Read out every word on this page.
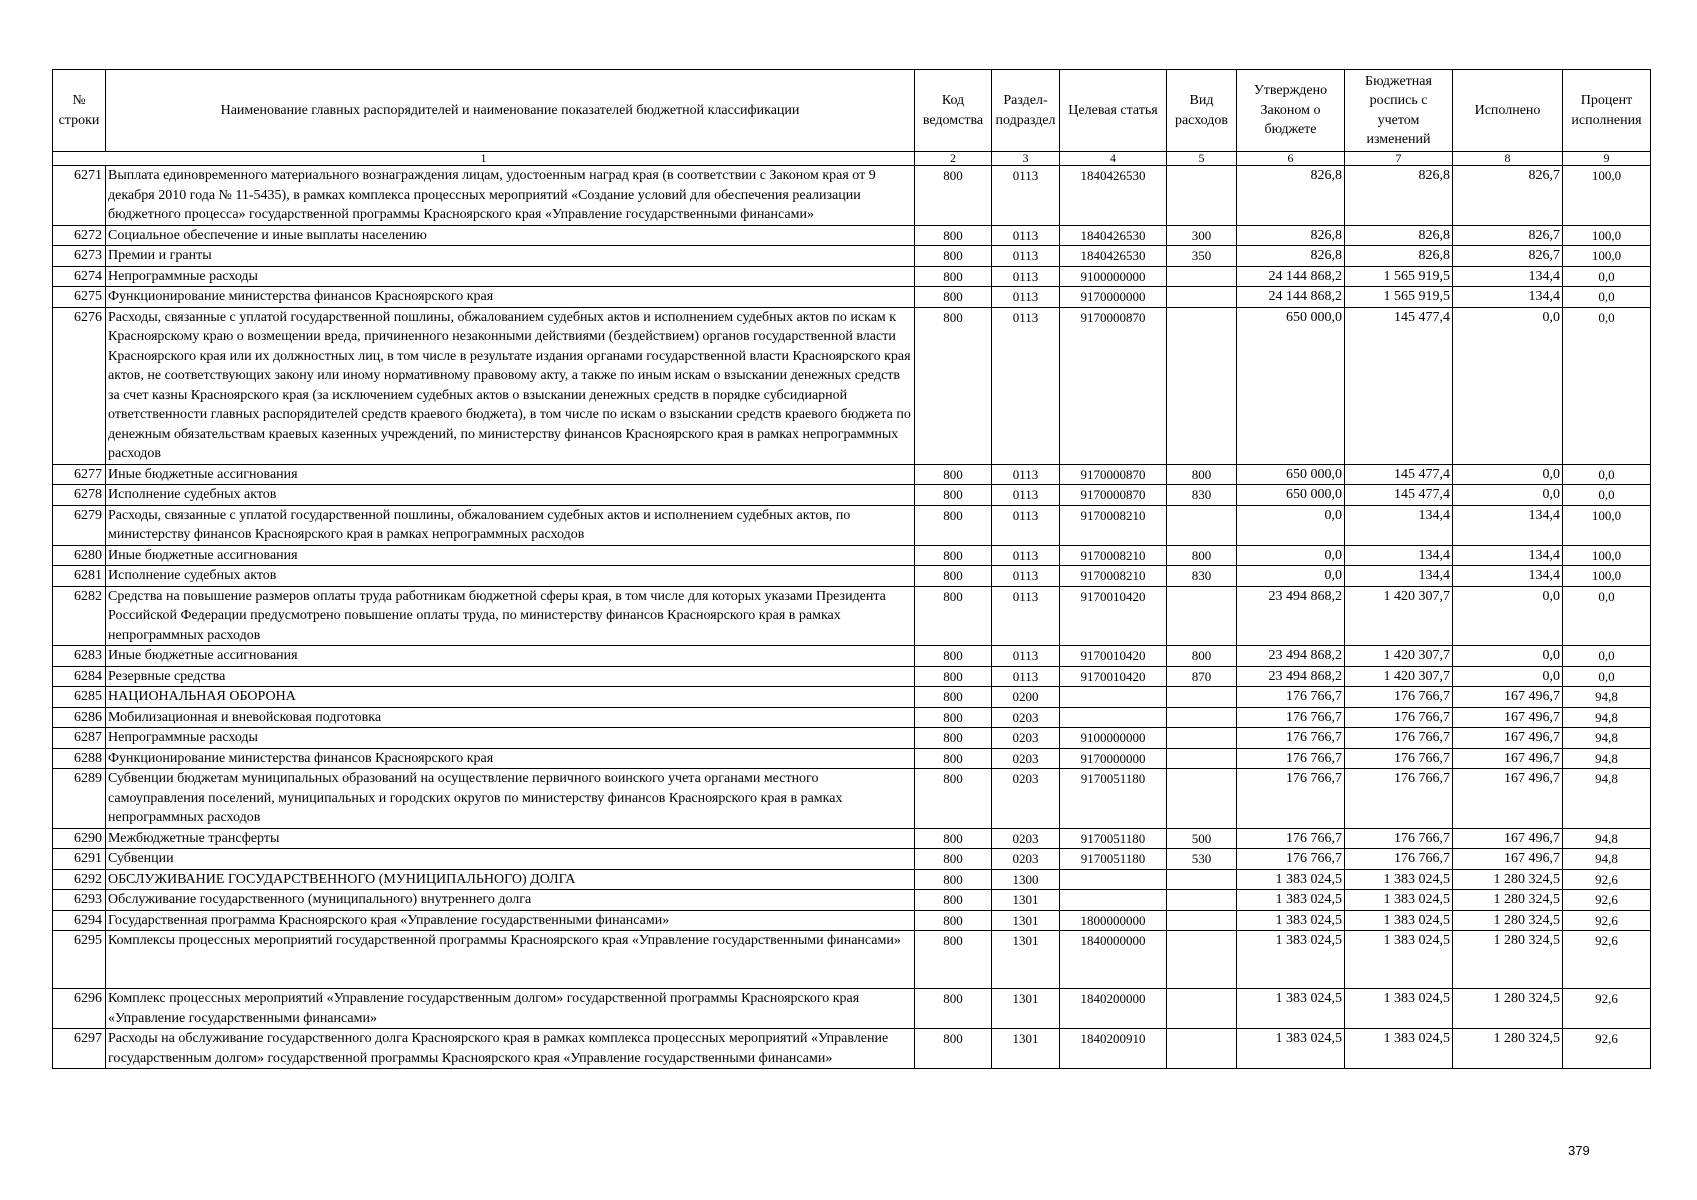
№ строки	Наименование главных распорядителей и наименование показателей бюджетной классификации	Код ведомства	Раздел-подраздел	Целевая статья	Вид расходов	Утверждено Законом о бюджете	Бюджетная роспись с учетом изменений	Исполнено	Процент исполнения
1		2	3	4	5	6	7	8	9
6271	Выплата единовременного материального вознаграждения лицам, удостоенным наград края (в соответствии с Законом края от 9 декабря 2010 года № 11-5435), в рамках комплекса процессных мероприятий «Создание условий для обеспечения реализации бюджетного процесса» государственной программы Красноярского края «Управление государственными финансами»	800	0113	1840426530		826,8	826,8	826,7	100,0
6272	Социальное обеспечение и иные выплаты населению	800	0113	1840426530	300	826,8	826,8	826,7	100,0
6273	Премии и гранты	800	0113	1840426530	350	826,8	826,8	826,7	100,0
6274	Непрограммные расходы	800	0113	9100000000		24 144 868,2	1 565 919,5	134,4	0,0
6275	Функционирование министерства финансов Красноярского края	800	0113	9170000000		24 144 868,2	1 565 919,5	134,4	0,0
6276	Расходы, связанные с уплатой государственной пошлины, обжалованием судебных актов и исполнением судебных актов по искам к Красноярскому краю о возмещении вреда, причиненного незаконными действиями (бездействием) органов государственной власти Красноярского края или их должностных лиц, в том числе в результате издания органами государственной власти Красноярского края актов, не соответствующих закону или иному нормативному правовому акту, а также по иным искам о взыскании денежных средств за счет казны Красноярского края (за исключением судебных актов о взыскании денежных средств в порядке субсидиарной ответственности главных распорядителей средств краевого бюджета), в том числе по искам о взыскании средств краевого бюджета по денежным обязательствам краевых казенных учреждений, по министерству финансов Красноярского края в рамках непрограммных расходов	800	0113	9170000870		650 000,0	145 477,4	0,0	0,0
6277	Иные бюджетные ассигнования	800	0113	9170000870	800	650 000,0	145 477,4	0,0	0,0
6278	Исполнение судебных актов	800	0113	9170000870	830	650 000,0	145 477,4	0,0	0,0
6279	Расходы, связанные с уплатой государственной пошлины, обжалованием судебных актов и исполнением судебных актов, по министерству финансов Красноярского края в рамках непрограммных расходов	800	0113	9170008210		0,0	134,4	134,4	100,0
6280	Иные бюджетные ассигнования	800	0113	9170008210	800	0,0	134,4	134,4	100,0
6281	Исполнение судебных актов	800	0113	9170008210	830	0,0	134,4	134,4	100,0
6282	Средства на повышение размеров оплаты труда работникам бюджетной сферы края, в том числе для которых указами Президента Российской Федерации предусмотрено повышение оплаты труда, по министерству финансов Красноярского края в рамках непрограммных расходов	800	0113	9170010420		23 494 868,2	1 420 307,7	0,0	0,0
6283	Иные бюджетные ассигнования	800	0113	9170010420	800	23 494 868,2	1 420 307,7	0,0	0,0
6284	Резервные средства	800	0113	9170010420	870	23 494 868,2	1 420 307,7	0,0	0,0
6285	НАЦИОНАЛЬНАЯ ОБОРОНА	800	0200			176 766,7	176 766,7	167 496,7	94,8
6286	Мобилизационная и вневойсковая подготовка	800	0203			176 766,7	176 766,7	167 496,7	94,8
6287	Непрограммные расходы	800	0203	9100000000		176 766,7	176 766,7	167 496,7	94,8
6288	Функционирование министерства финансов Красноярского края	800	0203	9170000000		176 766,7	176 766,7	167 496,7	94,8
6289	Субвенции бюджетам муниципальных образований на осуществление первичного воинского учета органами местного самоуправления поселений, муниципальных и городских округов по министерству финансов Красноярского края в рамках непрограммных расходов	800	0203	9170051180		176 766,7	176 766,7	167 496,7	94,8
6290	Межбюджетные трансферты	800	0203	9170051180	500	176 766,7	176 766,7	167 496,7	94,8
6291	Субвенции	800	0203	9170051180	530	176 766,7	176 766,7	167 496,7	94,8
6292	ОБСЛУЖИВАНИЕ ГОСУДАРСТВЕННОГО (МУНИЦИПАЛЬНОГО) ДОЛГА	800	1300			1 383 024,5	1 383 024,5	1 280 324,5	92,6
6293	Обслуживание государственного (муниципального) внутреннего долга	800	1301			1 383 024,5	1 383 024,5	1 280 324,5	92,6
6294	Государственная программа Красноярского края «Управление государственными финансами»	800	1301	1800000000		1 383 024,5	1 383 024,5	1 280 324,5	92,6
6295	Комплексы процессных мероприятий государственной программы Красноярского края «Управление государственными финансами»	800	1301	1840000000		1 383 024,5	1 383 024,5	1 280 324,5	92,6
6296	Комплекс процессных мероприятий «Управление государственным долгом» государственной программы Красноярского края «Управление государственными финансами»	800	1301	1840200000		1 383 024,5	1 383 024,5	1 280 324,5	92,6
6297	Расходы на обслуживание государственного долга Красноярского края в рамках комплекса процессных мероприятий «Управление государственным долгом» государственной программы Красноярского края «Управление государственными финансами»	800	1301	1840200910		1 383 024,5	1 383 024,5	1 280 324,5	92,6
379
